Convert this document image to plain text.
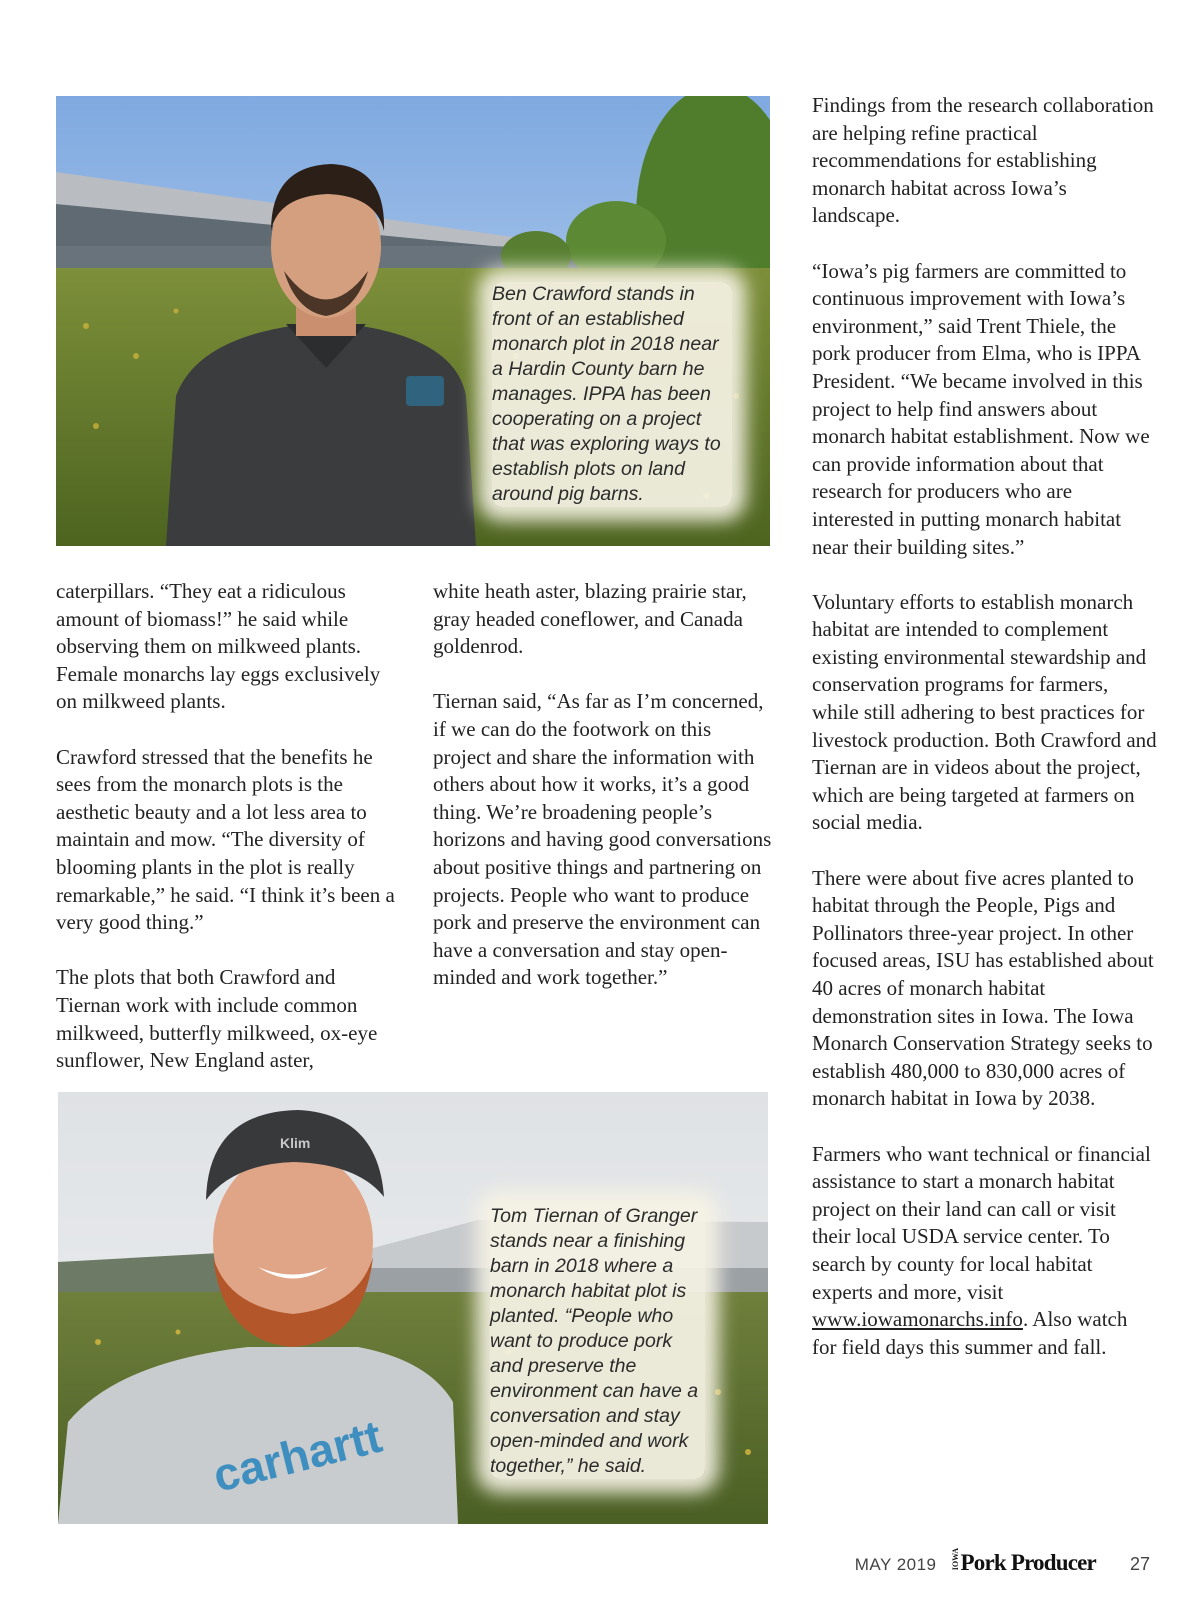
Ben Crawford stands in front of an established monarch plot in 2018 near a Hardin County barn he manages. IPPA has been cooperating on a project that was exploring ways to establish plots on land around pig barns.
Klim
carhartt
Tom Tiernan of Granger stands near a finishing barn in 2018 where a monarch habitat plot is planted. “People who want to produce pork and preserve the environment can have a conversation and stay open-minded and work together,” he said.

caterpillars. “They eat a ridiculous amount of biomass!” he said while observing them on milkweed plants. Female monarchs lay eggs exclusively on milkweed plants.

Crawford stressed that the benefits he sees from the monarch plots is the aesthetic beauty and a lot less area to maintain and mow. “The diversity of blooming plants in the plot is really remarkable,” he said. “I think it’s been a very good thing.”

The plots that both Crawford and Tiernan work with include common milkweed, butterfly milkweed, ox-eye sunflower, New England aster,

white heath aster, blazing prairie star, gray headed coneflower, and Canada goldenrod.

Tiernan said, “As far as I’m concerned, if we can do the footwork on this project and share the information with others about how it works, it’s a good thing. We’re broadening people’s horizons and having good conversations about positive things and partnering on projects. People who want to produce pork and preserve the environment can have a conversation and stay open-minded and work together.”

Findings from the research collaboration are helping refine practical recommendations for establishing monarch habitat across Iowa’s landscape.

“Iowa’s pig farmers are committed to continuous improvement with Iowa’s environment,” said Trent Thiele, the pork producer from Elma, who is IPPA President. “We became involved in this project to help find answers about monarch habitat establishment. Now we can provide information about that research for producers who are interested in putting monarch habitat near their building sites.”

Voluntary efforts to establish monarch habitat are intended to complement existing environmental stewardship and conservation programs for farmers, while still adhering to best practices for livestock production. Both Crawford and Tiernan are in videos about the project, which are being targeted at farmers on social media.

There were about five acres planted to habitat through the People, Pigs and Pollinators three-year project. In other focused areas, ISU has established about 40 acres of monarch habitat demonstration sites in Iowa. The Iowa Monarch Conservation Strategy seeks to establish 480,000 to 830,000 acres of monarch habitat in Iowa by 2038.

Farmers who want technical or financial assistance to start a monarch habitat project on their land can call or visit their local USDA service center. To search by county for local habitat experts and more, visit www.iowamonarchs.info. Also watch for field days this summer and fall.

MAY 2019 IOWA Pork Producer 27
